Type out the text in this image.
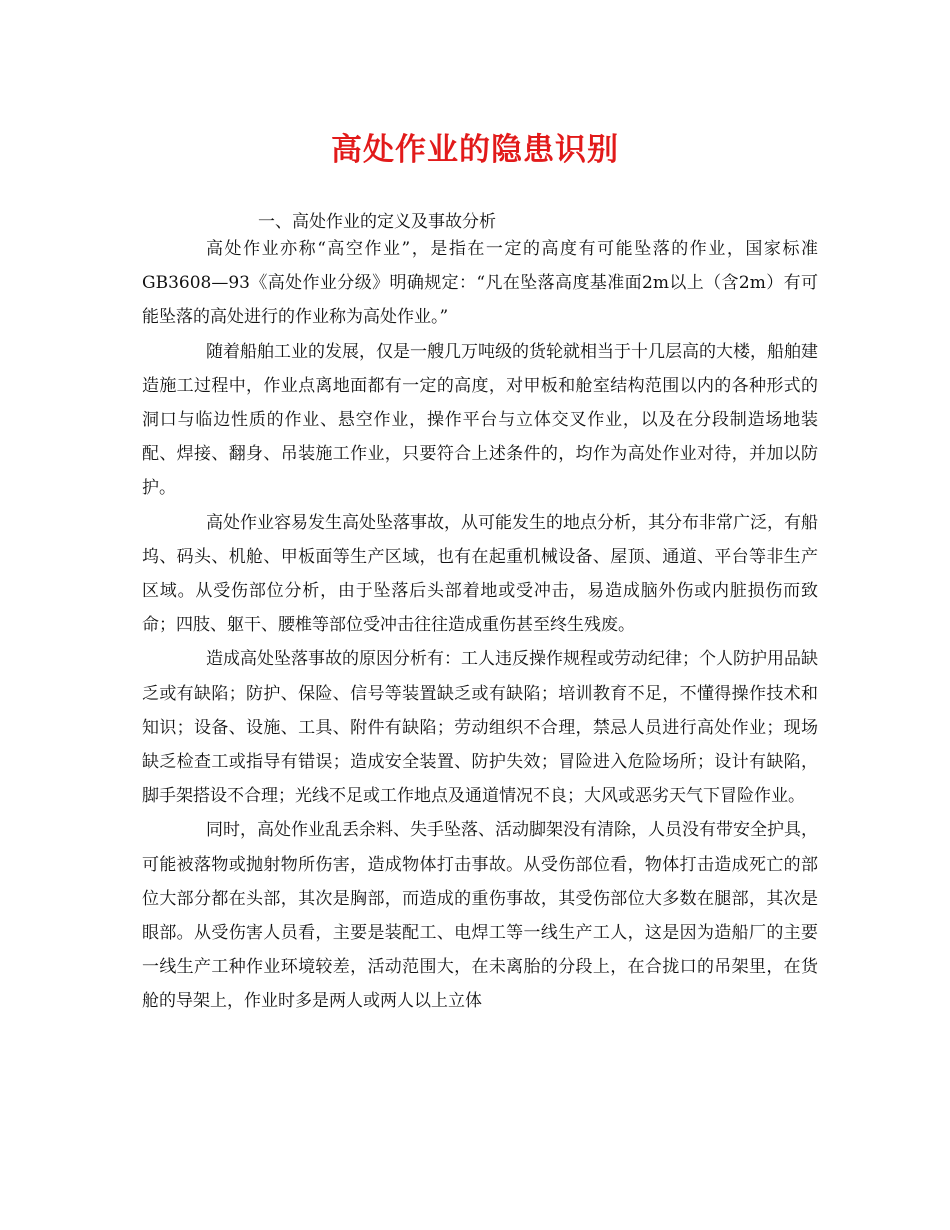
高处作业的隐患识别
一、高处作业的定义及事故分析

高处作业亦称“高空作业”，是指在一定的高度有可能坠落的作业，国家标准GB3608—93《高处作业分级》明确规定：“凡在坠落高度基准面2m以上（含2m）有可能坠落的高处进行的作业称为高处作业。”

随着船舶工业的发展，仅是一艘几万吨级的货轮就相当于十几层高的大楼，船舶建造施工过程中，作业点离地面都有一定的高度，对甲板和舱室结构范围以内的各种形式的洞口与临边性质的作业、悬空作业，操作平台与立体交叉作业，以及在分段制造场地装配、焊接、翻身、吊装施工作业，只要符合上述条件的，均作为高处作业对待，并加以防护。

高处作业容易发生高处坠落事故，从可能发生的地点分析，其分布非常广泛，有船坞、码头、机舱、甲板面等生产区域，也有在起重机械设备、屋顶、通道、平台等非生产区域。从受伤部位分析，由于坠落后头部着地或受冲击，易造成脑外伤或内脏损伤而致命；四肢、躯干、腰椎等部位受冲击往往造成重伤甚至终生残废。

造成高处坠落事故的原因分析有：工人违反操作规程或劳动纪律；个人防护用品缺乏或有缺陷；防护、保险、信号等装置缺乏或有缺陷；培训教育不足，不懂得操作技术和知识；设备、设施、工具、附件有缺陷；劳动组织不合理，禁忌人员进行高处作业；现场缺乏检查工或指导有错误；造成安全装置、防护失效；冒险进入危险场所；设计有缺陷，脚手架搭设不合理；光线不足或工作地点及通道情况不良；大风或恶劣天气下冒险作业。

同时，高处作业乱丢余料、失手坠落、活动脚架没有清除，人员没有带安全护具，可能被落物或抛射物所伤害，造成物体打击事故。从受伤部位看，物体打击造成死亡的部位大部分都在头部，其次是胸部，而造成的重伤事故，其受伤部位大多数在腿部，其次是眼部。从受伤害人员看，主要是装配工、电焊工等一线生产工人，这是因为造船厂的主要一线生产工种作业环境较差，活动范围大，在未离胎的分段上，在合拢口的吊架里，在货舱的导架上，作业时多是两人或两人以上立体
